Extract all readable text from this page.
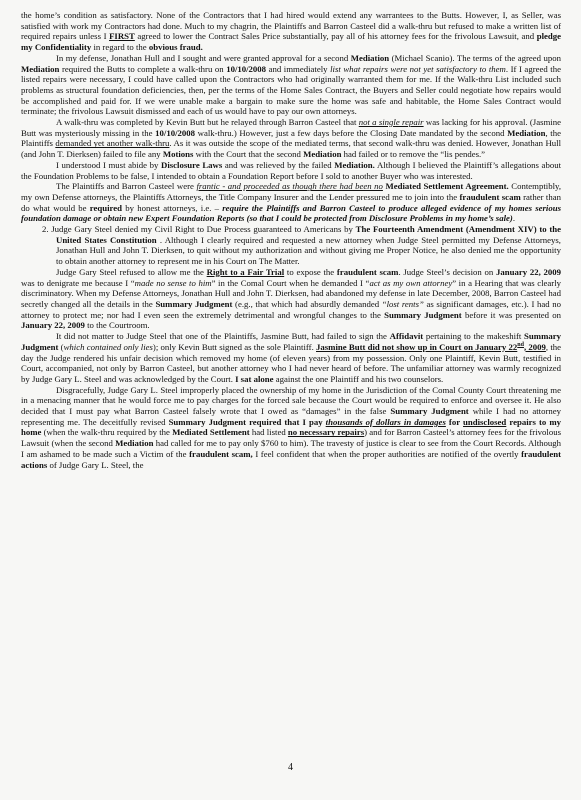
the home’s condition as satisfactory. None of the Contractors that I had hired would extend any warrantees to the Butts. However, I, as Seller, was satisfied with work my Contractors had done. Much to my chagrin, the Plaintiffs and Barron Casteel did a walk-thru but refused to make a written list of required repairs unless I FIRST agreed to lower the Contract Sales Price substantially, pay all of his attorney fees for the frivolous Lawsuit, and pledge my Confidentiality in regard to the obvious fraud.

In my defense, Jonathan Hull and I sought and were granted approval for a second Mediation (Michael Scanio). The terms of the agreed upon Mediation required the Butts to complete a walk-thru on 10/10/2008 and immediately list what repairs were not yet satisfactory to them. If I agreed the listed repairs were necessary, I could have called upon the Contractors who had originally warranted them for me. If the Walk-thru List included such problems as structural foundation deficiencies, then, per the terms of the Home Sales Contract, the Buyers and Seller could negotiate how repairs would be accomplished and paid for. If we were unable make a bargain to make sure the home was safe and habitable, the Home Sales Contract would terminate; the frivolous Lawsuit dismissed and each of us would have to pay our own attorneys.

A walk-thru was completed by Kevin Butt but he relayed through Barron Casteel that not a single repair was lacking for his approval. (Jasmine Butt was mysteriously missing in the 10/10/2008 walk-thru.) However, just a few days before the Closing Date mandated by the second Mediation, the Plaintiffs demanded yet another walk-thru. As it was outside the scope of the mediated terms, that second walk-thru was denied. However, Jonathan Hull (and John T. Dierksen) failed to file any Motions with the Court that the second Mediation had failed or to remove the “lis pendes.”

I understood I must abide by Disclosure Laws and was relieved by the failed Mediation. Although I believed the Plaintiff’s allegations about the Foundation Problems to be false, I intended to obtain a Foundation Report before I sold to another Buyer who was interested.

The Plaintiffs and Barron Casteel were frantic - and proceeded as though there had been no Mediated Settlement Agreement. Contemptibly, my own Defense attorneys, the Plaintiffs Attorneys, the Title Company Insurer and the Lender pressured me to join into the fraudulent scam rather than do what would be required by honest attorneys, i.e. – require the Plaintiffs and Barron Casteel to produce alleged evidence of my homes serious foundation damage or obtain new Expert Foundation Reports (so that I could be protected from Disclosure Problems in my home’s sale).

2. Judge Gary Steel denied my Civil Right to Due Process guaranteed to Americans by The Fourteenth Amendment (Amendment XIV) to the United States Constitution . Although I clearly required and requested a new attorney when Judge Steel permitted my Defense Attorneys, Jonathan Hull and John T. Dierksen, to quit without my authorization and without giving me Proper Notice, he also denied me the opportunity to obtain another attorney to represent me in his Court on The Matter.

Judge Gary Steel refused to allow me the Right to a Fair Trial to expose the fraudulent scam. Judge Steel’s decision on January 22, 2009 was to denigrate me because I “made no sense to him” in the Comal Court when he demanded I “act as my own attorney” in a Hearing that was clearly discriminatory. When my Defense Attorneys, Jonathan Hull and John T. Dierksen, had abandoned my defense in late December, 2008, Barron Casteel had secretly changed all the details in the Summary Judgment (e.g., that which had absurdly demanded “lost rents” as significant damages, etc.). I had no attorney to protect me; nor had I even seen the extremely detrimental and wrongful changes to the Summary Judgment before it was presented on January 22, 2009 to the Courtroom.

It did not matter to Judge Steel that one of the Plaintiffs, Jasmine Butt, had failed to sign the Affidavit pertaining to the makeshift Summary Judgment (which contained only lies); only Kevin Butt signed as the sole Plaintiff. Jasmine Butt did not show up in Court on January 22nd, 2009, the day the Judge rendered his unfair decision which removed my home (of eleven years) from my possession. Only one Plaintiff, Kevin Butt, testified in Court, accompanied, not only by Barron Casteel, but another attorney who I had never heard of before. The unfamiliar attorney was warmly recognized by Judge Gary L. Steel and was acknowledged by the Court. I sat alone against the one Plaintiff and his two counselors.

Disgracefully, Judge Gary L. Steel improperly placed the ownership of my home in the Jurisdiction of the Comal County Court threatening me in a menacing manner that he would force me to pay charges for the forced sale because the Court would be required to enforce and oversee it. He also decided that I must pay what Barron Casteel falsely wrote that I owed as “damages” in the false Summary Judgment while I had no attorney representing me. The deceitfully revised Summary Judgment required that I pay thousands of dollars in damages for undisclosed repairs to my home (when the walk-thru required by the Mediated Settlement had listed no necessary repairs) and for Barron Casteel’s attorney fees for the frivolous Lawsuit (when the second Mediation had called for me to pay only $760 to him). The travesty of justice is clear to see from the Court Records. Although I am ashamed to be made such a Victim of the fraudulent scam, I feel confident that when the proper authorities are notified of the overtly fraudulent actions of Judge Gary L. Steel, the

4
